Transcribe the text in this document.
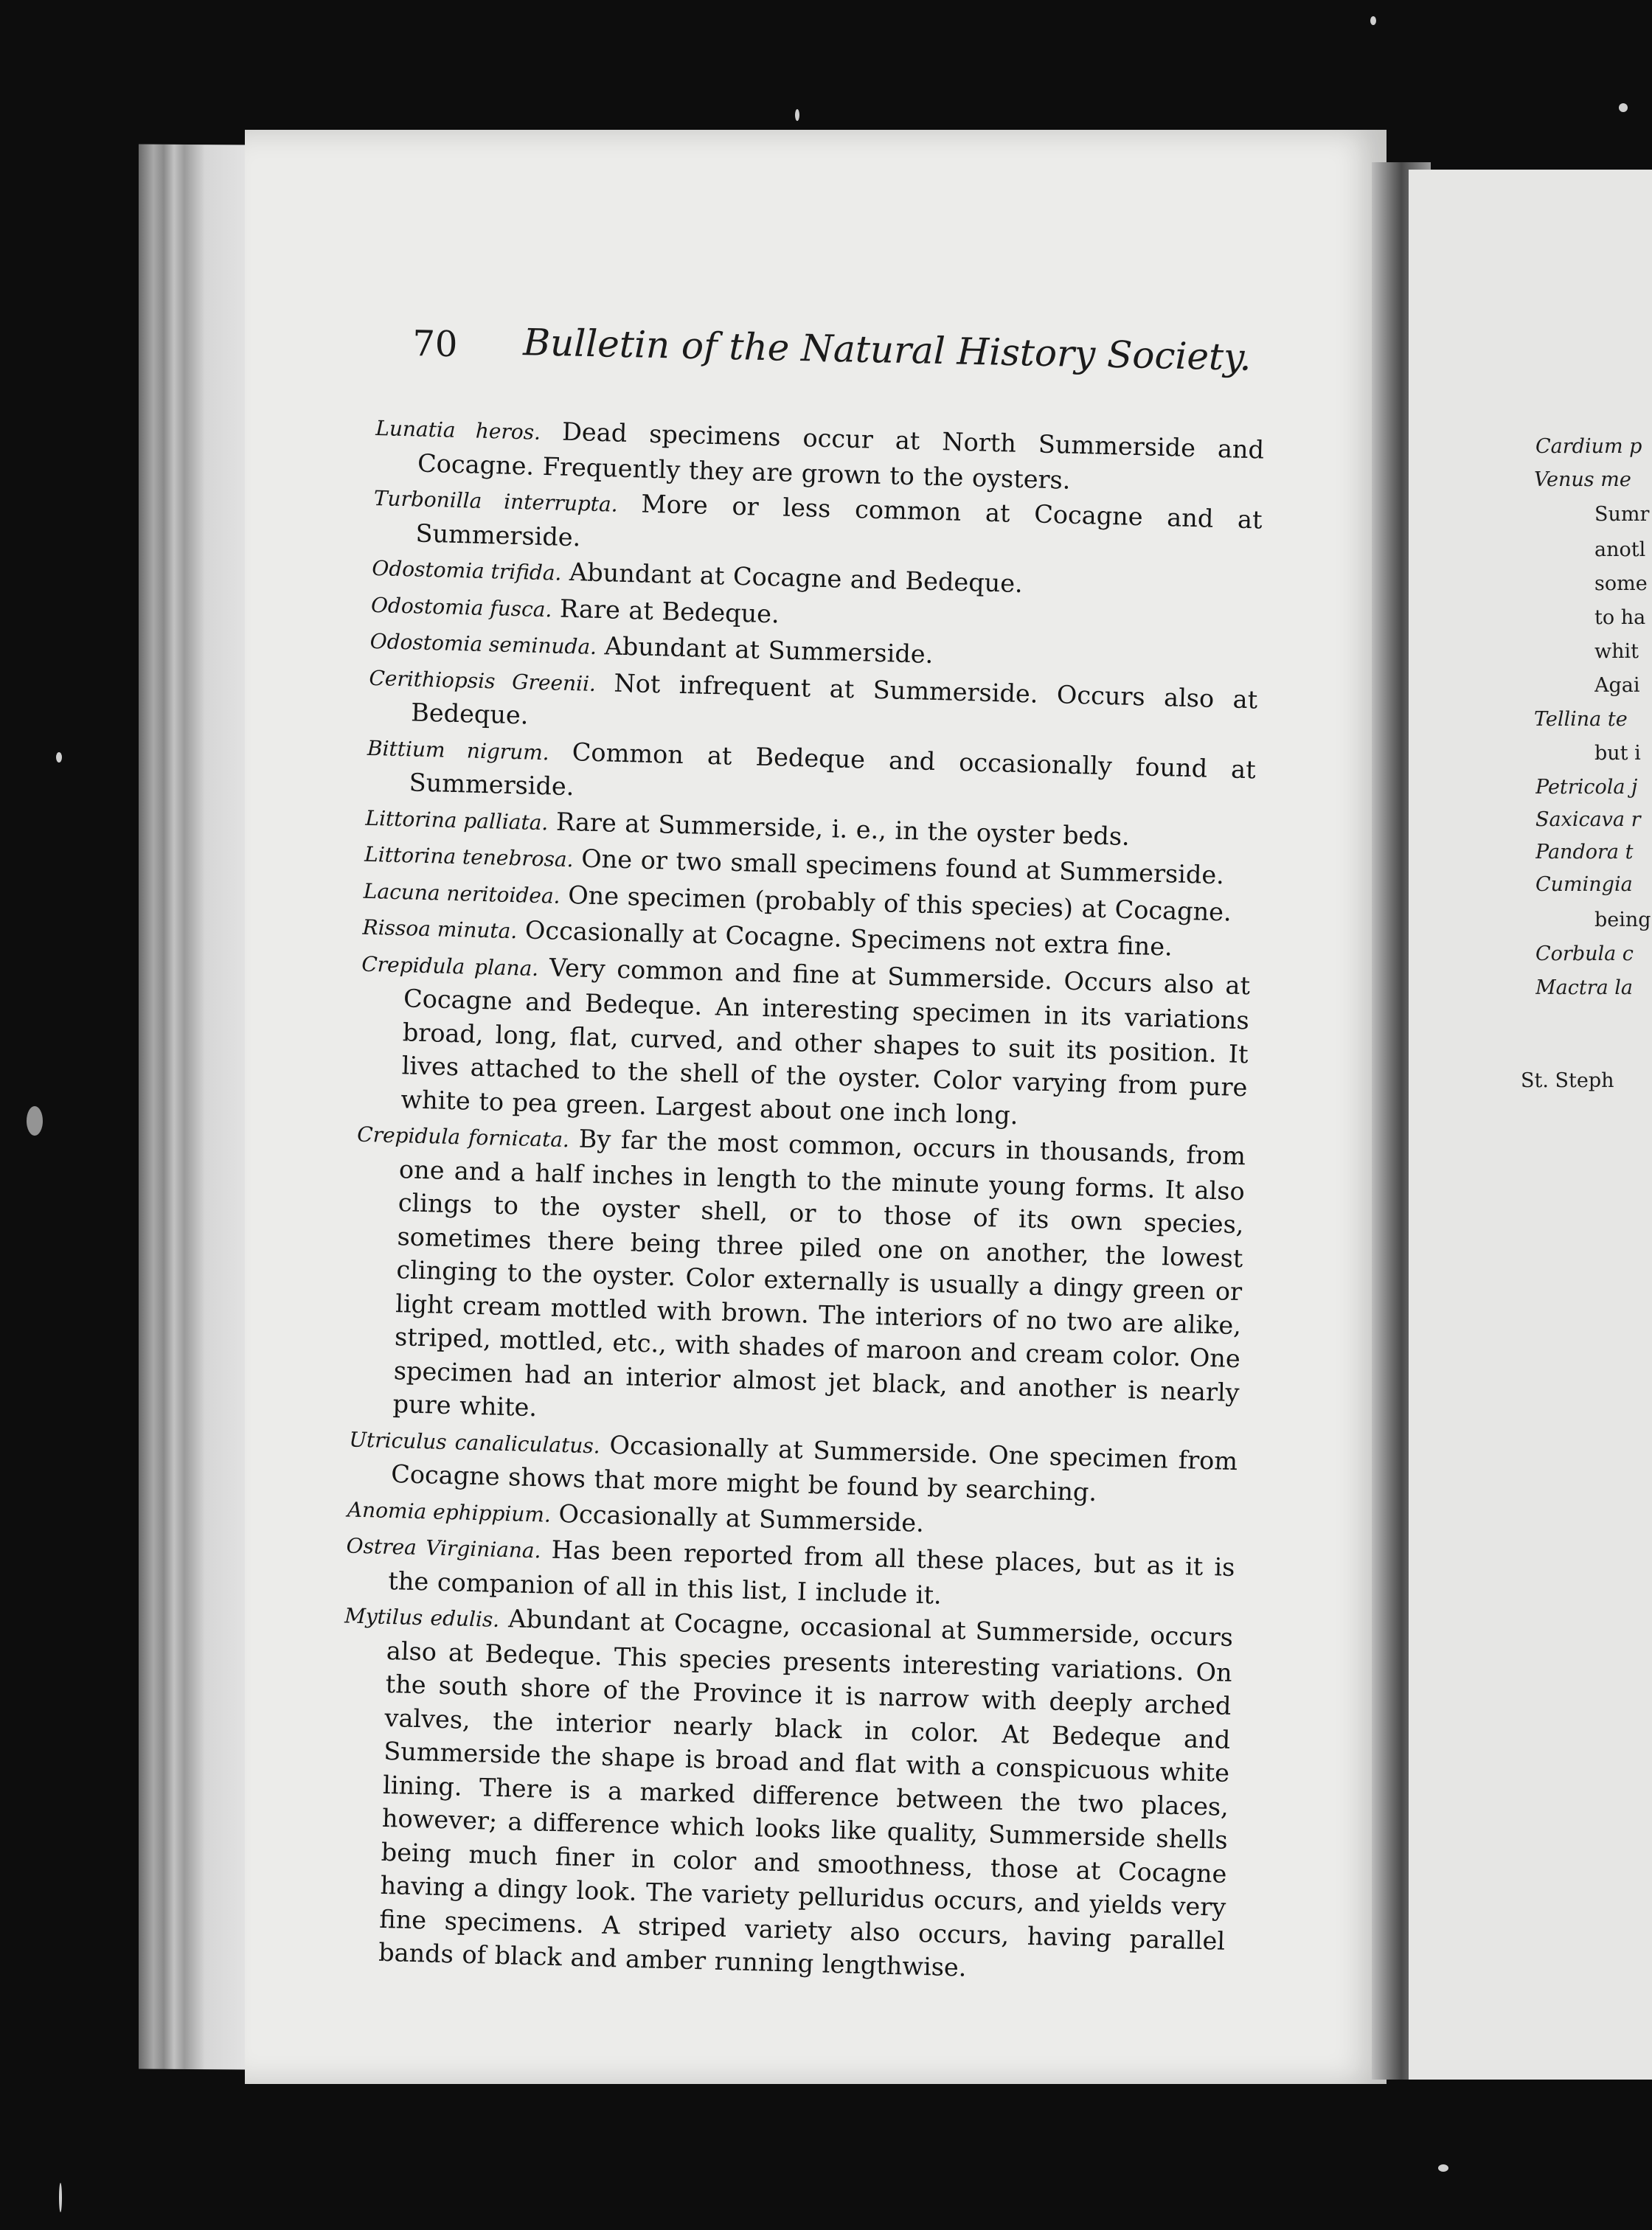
Cardium p
Venus me
Sumr
anotl
some
to ha
whit
Agai
Tellina te
but i
Petricola j
Saxicava r
Pandora t
Cumingia
being
Corbula c
Mactra la
St. Steph
70 Bulletin of the Natural History Society.

Lunatia heros. Dead specimens occur at North Summerside and Cocagne. Frequently they are grown to the oysters.

Turbonilla interrupta. More or less common at Cocagne and at Summerside.

Odostomia trifida. Abundant at Cocagne and Bedeque.

Odostomia fusca. Rare at Bedeque.

Odostomia seminuda. Abundant at Summerside.

Cerithiopsis Greenii. Not infrequent at Summerside. Occurs also at Bedeque.

Bittium nigrum. Common at Bedeque and occasionally found at Summerside.

Littorina palliata. Rare at Summerside, i. e., in the oyster beds.

Littorina tenebrosa. One or two small specimens found at Summerside.

Lacuna neritoidea. One specimen (probably of this species) at Cocagne.

Rissoa minuta. Occasionally at Cocagne. Specimens not extra fine.

Crepidula plana. Very common and fine at Summerside. Occurs also at Cocagne and Bedeque. An interesting specimen in its variations broad, long, flat, curved, and other shapes to suit its position. It lives attached to the shell of the oyster. Color varying from pure white to pea green. Largest about one inch long.

Crepidula fornicata. By far the most common, occurs in thousands, from one and a half inches in length to the minute young forms. It also clings to the oyster shell, or to those of its own species, sometimes there being three piled one on another, the lowest clinging to the oyster. Color externally is usually a dingy green or light cream mottled with brown. The interiors of no two are alike, striped, mottled, etc., with shades of maroon and cream color. One specimen had an interior almost jet black, and another is nearly pure white.

Utriculus canaliculatus. Occasionally at Summerside. One specimen from Cocagne shows that more might be found by searching.

Anomia ephippium. Occasionally at Summerside.

Ostrea Virginiana. Has been reported from all these places, but as it is the companion of all in this list, I include it.

Mytilus edulis. Abundant at Cocagne, occasional at Summerside, occurs also at Bedeque. This species presents interesting variations. On the south shore of the Province it is narrow with deeply arched valves, the interior nearly black in color. At Bedeque and Summerside the shape is broad and flat with a conspicuous white lining. There is a marked difference between the two places, however; a difference which looks like quality, Summerside shells being much finer in color and smoothness, those at Cocagne having a dingy look. The variety pelluridus occurs, and yields very fine specimens. A striped variety also occurs, having parallel bands of black and amber running lengthwise.
